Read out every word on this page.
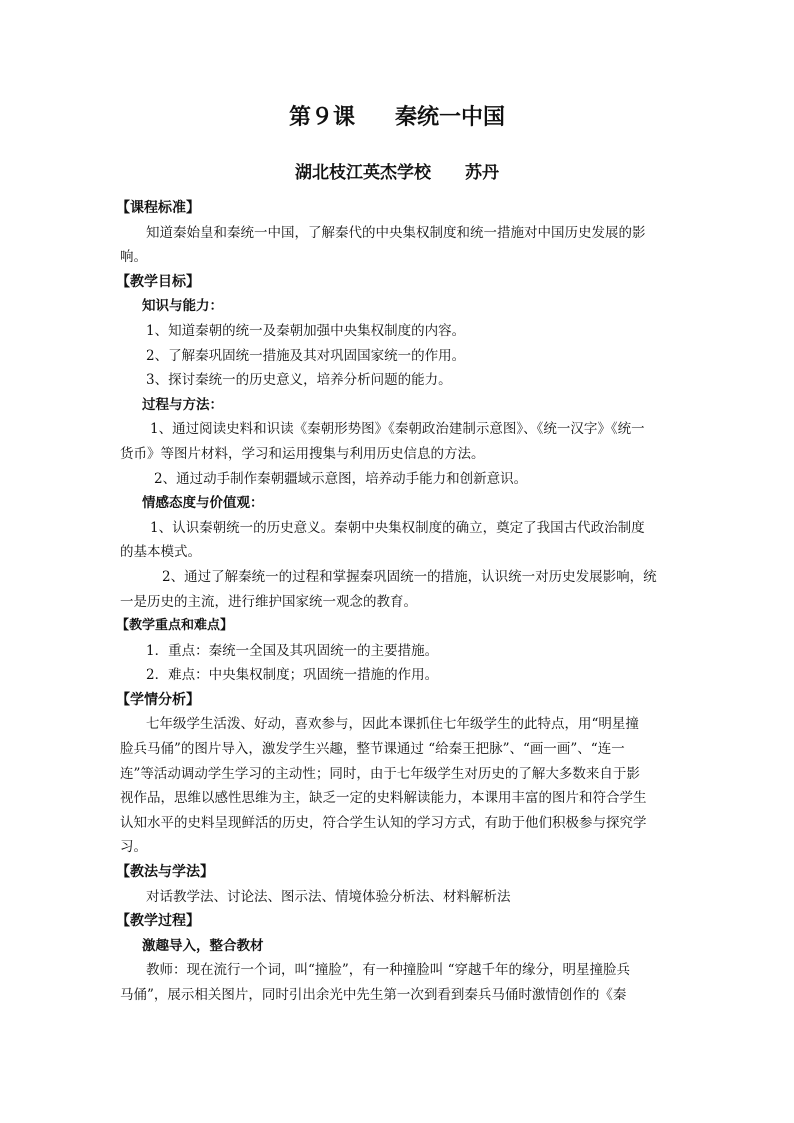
第９课 秦统一中国
湖北枝江英杰学校 苏丹
【课程标准】
知道秦始皇和秦统一中国，了解秦代的中央集权制度和统一措施对中国历史发展的影
响。
【教学目标】
知识与能力：
1、知道秦朝的统一及秦朝加强中央集权制度的内容。
2、了解秦巩固统一措施及其对巩固国家统一的作用。
3、探讨秦统一的历史意义，培养分析问题的能力。
过程与方法：
1、通过阅读史料和识读《秦朝形势图》《秦朝政治建制示意图》、《统一汉字》《统一
货币》等图片材料，学习和运用搜集与利用历史信息的方法。
2、通过动手制作秦朝疆域示意图，培养动手能力和创新意识。
情感态度与价值观：
1、认识秦朝统一的历史意义。秦朝中央集权制度的确立，奠定了我国古代政治制度
的基本模式。
2、通过了解秦统一的过程和掌握秦巩固统一的措施，认识统一对历史发展影响，统
一是历史的主流，进行维护国家统一观念的教育。
【教学重点和难点】
1．重点：秦统一全国及其巩固统一的主要措施。
2．难点：中央集权制度；巩固统一措施的作用。
【学情分析】
七年级学生活泼、好动，喜欢参与，因此本课抓住七年级学生的此特点，用“明星撞
脸兵马俑”的图片导入，激发学生兴趣，整节课通过 “给秦王把脉”、“画一画”、“连一
连”等活动调动学生学习的主动性；同时，由于七年级学生对历史的了解大多数来自于影
视作品，思维以感性思维为主，缺乏一定的史料解读能力，本课用丰富的图片和符合学生
认知水平的史料呈现鲜活的历史，符合学生认知的学习方式，有助于他们积极参与探究学
习。
【教法与学法】
对话教学法、讨论法、图示法、情境体验分析法、材料解析法
【教学过程】
激趣导入，整合教材
教师：现在流行一个词，叫“撞脸”，有一种撞脸叫 “穿越千年的缘分，明星撞脸兵
马俑”，展示相关图片，同时引出余光中先生第一次到看到秦兵马俑时激情创作的《秦
